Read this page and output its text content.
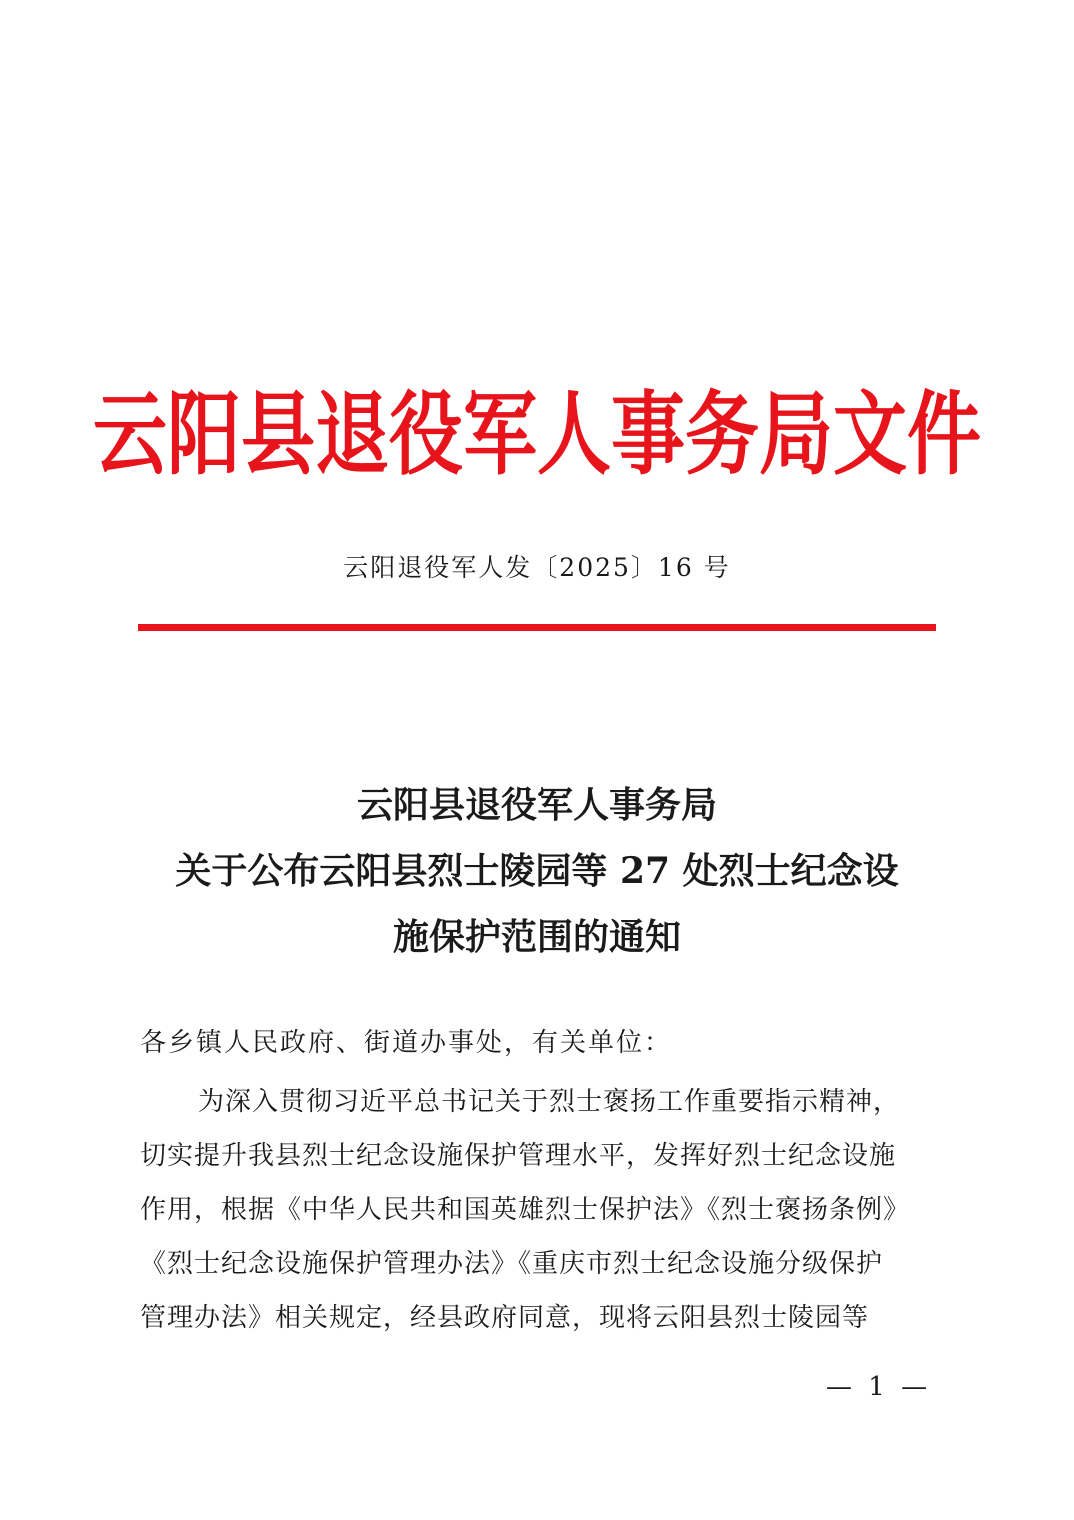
云阳县退役军人事务局文件
云阳退役军人发〔2025〕16 号
云阳县退役军人事务局
关于公布云阳县烈士陵园等 27 处烈士纪念设
施保护范围的通知
各乡镇人民政府、街道办事处，有关单位：
为深入贯彻习近平总书记关于烈士褒扬工作重要指示精神，
切实提升我县烈士纪念设施保护管理水平，发挥好烈士纪念设施
作用，根据《中华人民共和国英雄烈士保护法》《烈士褒扬条例》
《烈士纪念设施保护管理办法》《重庆市烈士纪念设施分级保护
管理办法》相关规定，经县政府同意，现将云阳县烈士陵园等
— 1 —
